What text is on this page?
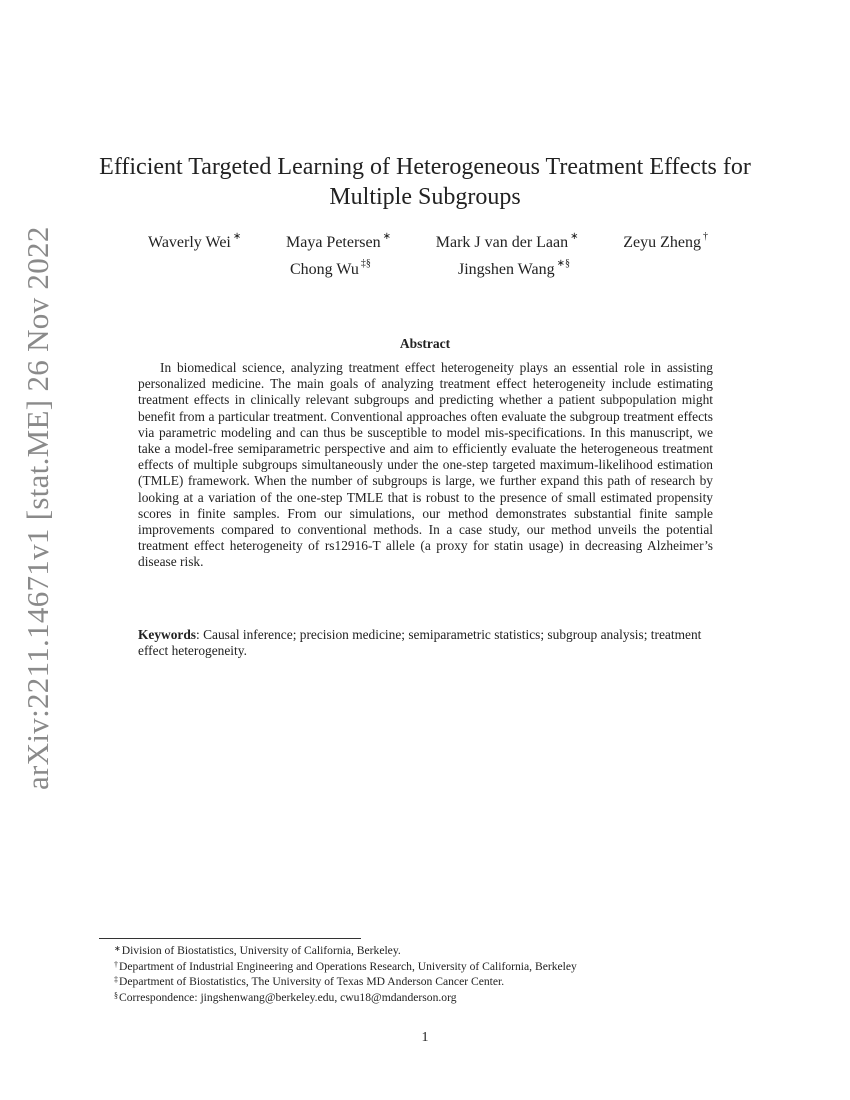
arXiv:2211.14671v1 [stat.ME] 26 Nov 2022
Efficient Targeted Learning of Heterogeneous Treatment Effects for Multiple Subgroups
Waverly Wei ∗	Maya Petersen ∗	Mark J van der Laan ∗	Zeyu Zheng †
Chong Wu ‡§	Jingshen Wang ∗§
Abstract
In biomedical science, analyzing treatment effect heterogeneity plays an essential role in assisting personalized medicine. The main goals of analyzing treatment effect heterogeneity include estimating treatment effects in clinically relevant subgroups and predicting whether a patient subpopulation might benefit from a particular treatment. Conventional approaches often evaluate the subgroup treatment effects via parametric modeling and can thus be susceptible to model mis-specifications. In this manuscript, we take a model-free semiparametric perspective and aim to efficiently evaluate the heterogeneous treatment effects of multiple subgroups simultaneously under the one-step targeted maximum-likelihood estimation (TMLE) framework. When the number of subgroups is large, we further expand this path of research by looking at a variation of the one-step TMLE that is robust to the presence of small estimated propensity scores in finite samples. From our simulations, our method demonstrates substantial finite sample improvements compared to conventional methods. In a case study, our method unveils the potential treatment effect heterogeneity of rs12916-T allele (a proxy for statin usage) in decreasing Alzheimer’s disease risk.
Keywords: Causal inference; precision medicine; semiparametric statistics; subgroup analysis; treatment effect heterogeneity.
∗Division of Biostatistics, University of California, Berkeley.
†Department of Industrial Engineering and Operations Research, University of California, Berkeley
‡Department of Biostatistics, The University of Texas MD Anderson Cancer Center.
§Correspondence: jingshenwang@berkeley.edu, cwu18@mdanderson.org
1
